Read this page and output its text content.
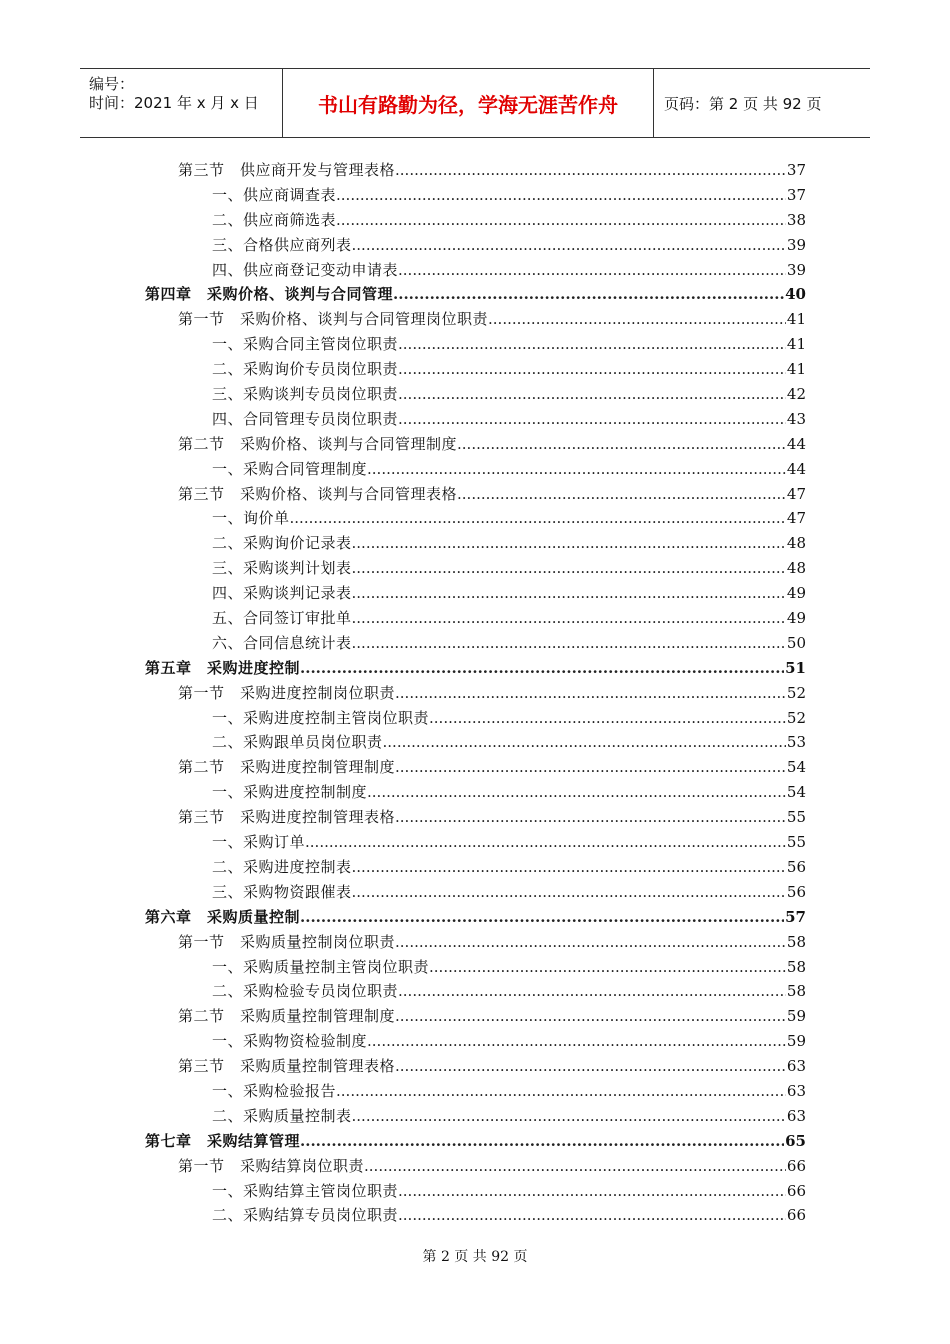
编号：
时间：2021 年 x 月 x 日	书山有路勤为径，学海无涯苦作舟	页码：第 2 页 共 92 页
第三节　供应商开发与管理表格 .....	37
一、供应商调查表 .....	37
二、供应商筛选表 .....	38
三、合格供应商列表 .....	39
四、供应商登记变动申请表 .....	39
第四章　采购价格、谈判与合同管理 .....	40
第一节　采购价格、谈判与合同管理岗位职责 .....	41
一、采购合同主管岗位职责 .....	41
二、采购询价专员岗位职责 .....	41
三、采购谈判专员岗位职责 .....	42
四、合同管理专员岗位职责 .....	43
第二节　采购价格、谈判与合同管理制度 .....	44
一、采购合同管理制度 .....	44
第三节　采购价格、谈判与合同管理表格 .....	47
一、询价单 .....	47
二、采购询价记录表 .....	48
三、采购谈判计划表 .....	48
四、采购谈判记录表 .....	49
五、合同签订审批单 .....	49
六、合同信息统计表 .....	50
第五章　采购进度控制 .....	51
第一节　采购进度控制岗位职责 .....	52
一、采购进度控制主管岗位职责 .....	52
二、采购跟单员岗位职责 .....	53
第二节　采购进度控制管理制度 .....	54
一、采购进度控制制度 .....	54
第三节　采购进度控制管理表格 .....	55
一、采购订单 .....	55
二、采购进度控制表 .....	56
三、采购物资跟催表 .....	56
第六章　采购质量控制 .....	57
第一节　采购质量控制岗位职责 .....	58
一、采购质量控制主管岗位职责 .....	58
二、采购检验专员岗位职责 .....	58
第二节　采购质量控制管理制度 .....	59
一、采购物资检验制度 .....	59
第三节　采购质量控制管理表格 .....	63
一、采购检验报告 .....	63
二、采购质量控制表 .....	63
第七章　采购结算管理 .....	65
第一节　采购结算岗位职责 .....	66
一、采购结算主管岗位职责 .....	66
二、采购结算专员岗位职责 .....	66
第 2 页 共 92 页
